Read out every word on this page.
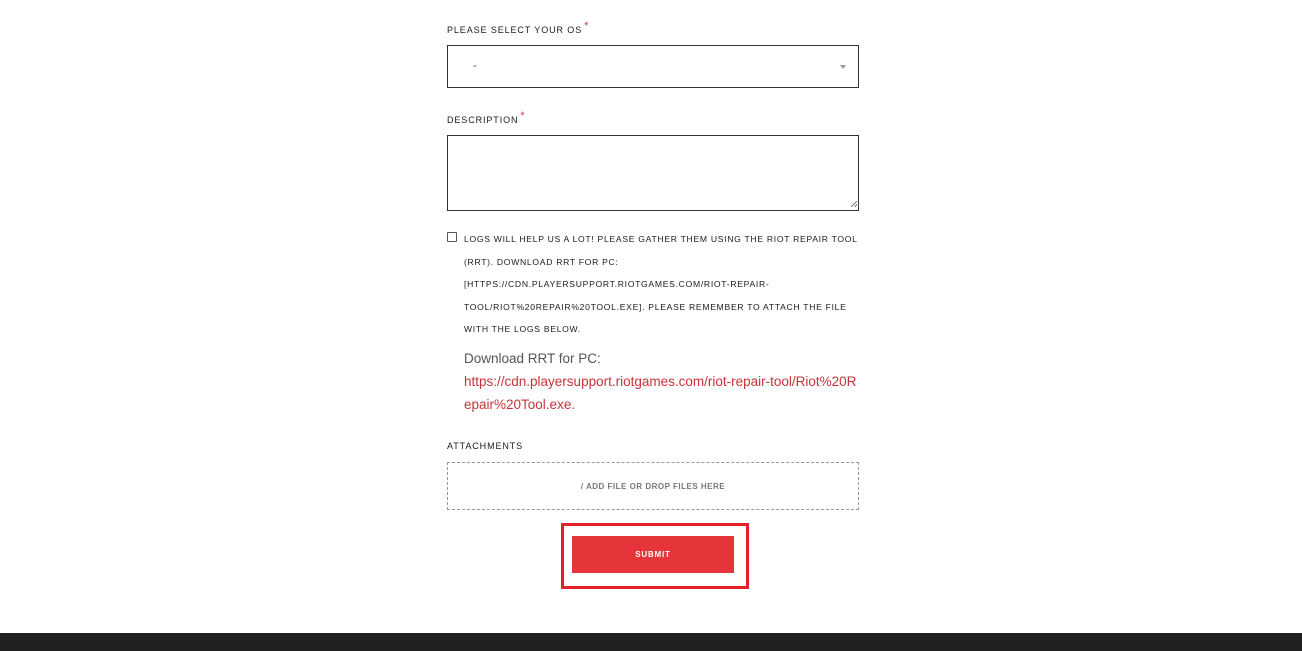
PLEASE SELECT YOUR OS *
-
DESCRIPTION *
LOGS WILL HELP US A LOT! PLEASE GATHER THEM USING THE RIOT REPAIR TOOL (RRT). DOWNLOAD RRT FOR PC: [HTTPS://CDN.PLAYERSUPPORT.RIOTGAMES.COM/RIOT-REPAIR-TOOL/RIOT%20REPAIR%20TOOL.EXE]. PLEASE REMEMBER TO ATTACH THE FILE WITH THE LOGS BELOW.
Download RRT for PC:
https://cdn.playersupport.riotgames.com/riot-repair-tool/Riot%20Repair%20Tool.exe.
ATTACHMENTS
/ ADD FILE OR DROP FILES HERE
SUBMIT
